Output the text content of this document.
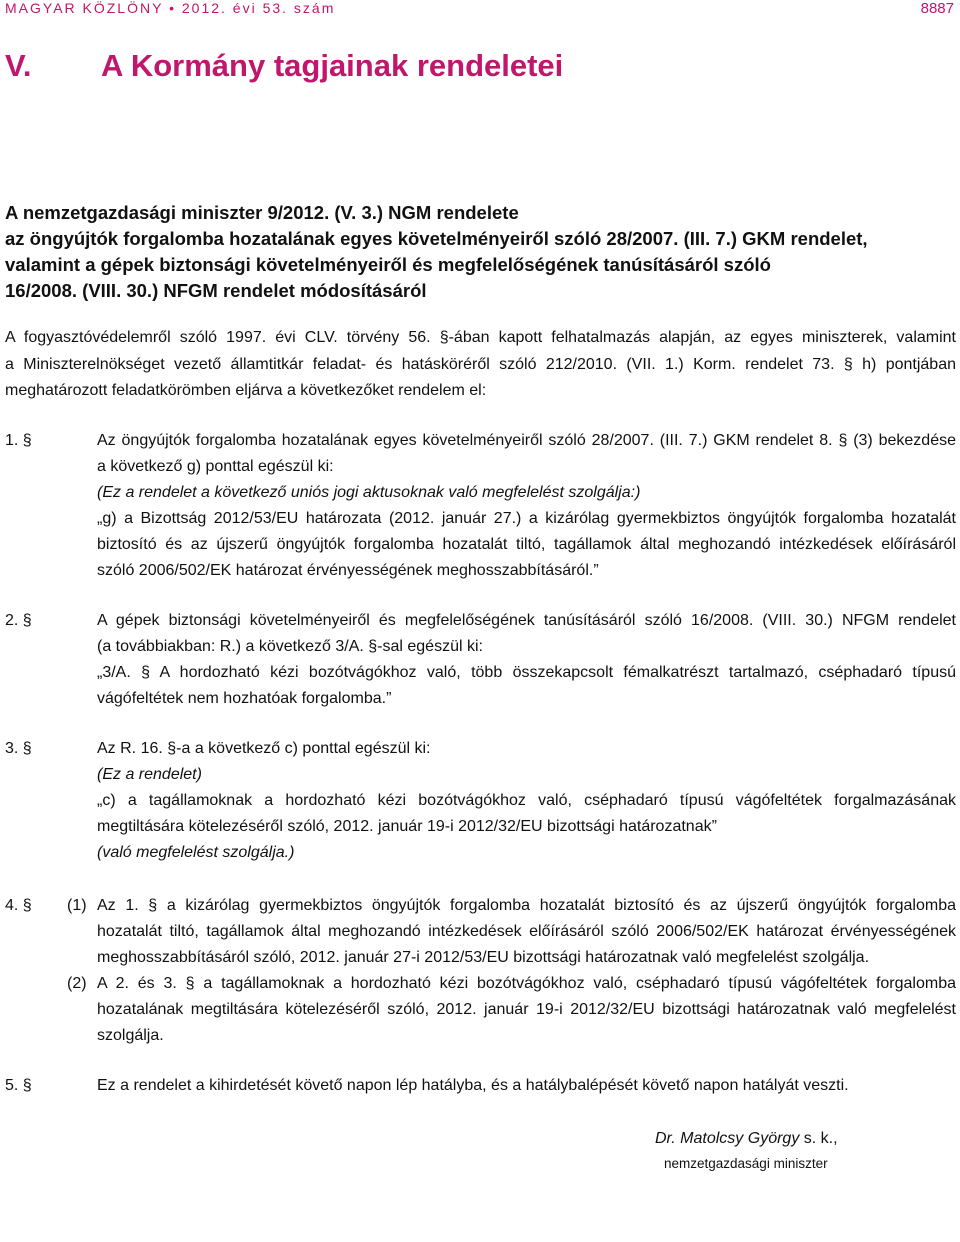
MAGYAR KÖZLÖNY • 2012. évi 53. szám	8887
V. A Kormány tagjainak rendeletei
A nemzetgazdasági miniszter 9/2012. (V. 3.) NGM rendelete
az öngyújtók forgalomba hozatalának egyes követelményeiről szóló 28/2007. (III. 7.) GKM rendelet,
valamint a gépek biztonsági követelményeiről és megfelelőségének tanúsításáról szóló
16/2008. (VIII. 30.) NFGM rendelet módosításáról
A fogyasztóvédelemről szóló 1997. évi CLV. törvény 56. §-ában kapott felhatalmazás alapján, az egyes miniszterek, valamint
a Miniszterelnökséget vezető államtitkár feladat- és hatásköréről szóló 212/2010. (VII. 1.) Korm. rendelet 73. § h) pontjában
meghatározott feladatkörömben eljárva a következőket rendelem el:
1. §	Az öngyújtók forgalomba hozatalának egyes követelményeiről szóló 28/2007. (III. 7.) GKM rendelet 8. § (3) bekezdése
a következő g) ponttal egészül ki:
(Ez a rendelet a következő uniós jogi aktusoknak való megfelelést szolgálja:)
„g) a Bizottság 2012/53/EU határozata (2012. január 27.) a kizárólag gyermekbiztos öngyújtók forgalomba hozatalát
biztosító és az újszerű öngyújtók forgalomba hozatalát tiltó, tagállamok által meghozandó intézkedések előírásáról
szóló 2006/502/EK határozat érvényességének meghosszabbításáról.”
2. §	A gépek biztonsági követelményeiről és megfelelőségének tanúsításáról szóló 16/2008. (VIII. 30.) NFGM rendelet
(a továbbiakban: R.) a következő 3/A. §-sal egészül ki:
„3/A. § A hordozható kézi bozótvágókhoz való, több összekapcsolt fémalkatrészt tartalmazó, cséphadaró típusú
vágófeltétek nem hozhatóak forgalomba.”
3. §	Az R. 16. §-a a következő c) ponttal egészül ki:
(Ez a rendelet)
„c) a tagállamoknak a hordozható kézi bozótvágókhoz való, cséphadaró típusú vágófeltétek forgalmazásának
megtiltására kötelezéséről szóló, 2012. január 19-i 2012/32/EU bizottsági határozatnak”
(való megfelelést szolgálja.)
4. § (1) Az 1. § a kizárólag gyermekbiztos öngyújtók forgalomba hozatalát biztosító és az újszerű öngyújtók forgalomba
hozatalát tiltó, tagállamok által meghozandó intézkedések előírásáról szóló 2006/502/EK határozat érvényességének
meghosszabbításáról szóló, 2012. január 27-i 2012/53/EU bizottsági határozatnak való megfelelést szolgálja.
(2) A 2. és 3. § a tagállamoknak a hordozható kézi bozótvágókhoz való, cséphadaró típusú vágófeltétek forgalomba
hozatalának megtiltására kötelezéséről szóló, 2012. január 19-i 2012/32/EU bizottsági határozatnak való megfelelést
szolgálja.
5. §	Ez a rendelet a kihirdetését követő napon lép hatályba, és a hatálybalépését követő napon hatályát veszti.
Dr. Matolcsy György s. k.,
nemzetgazdasági miniszter
